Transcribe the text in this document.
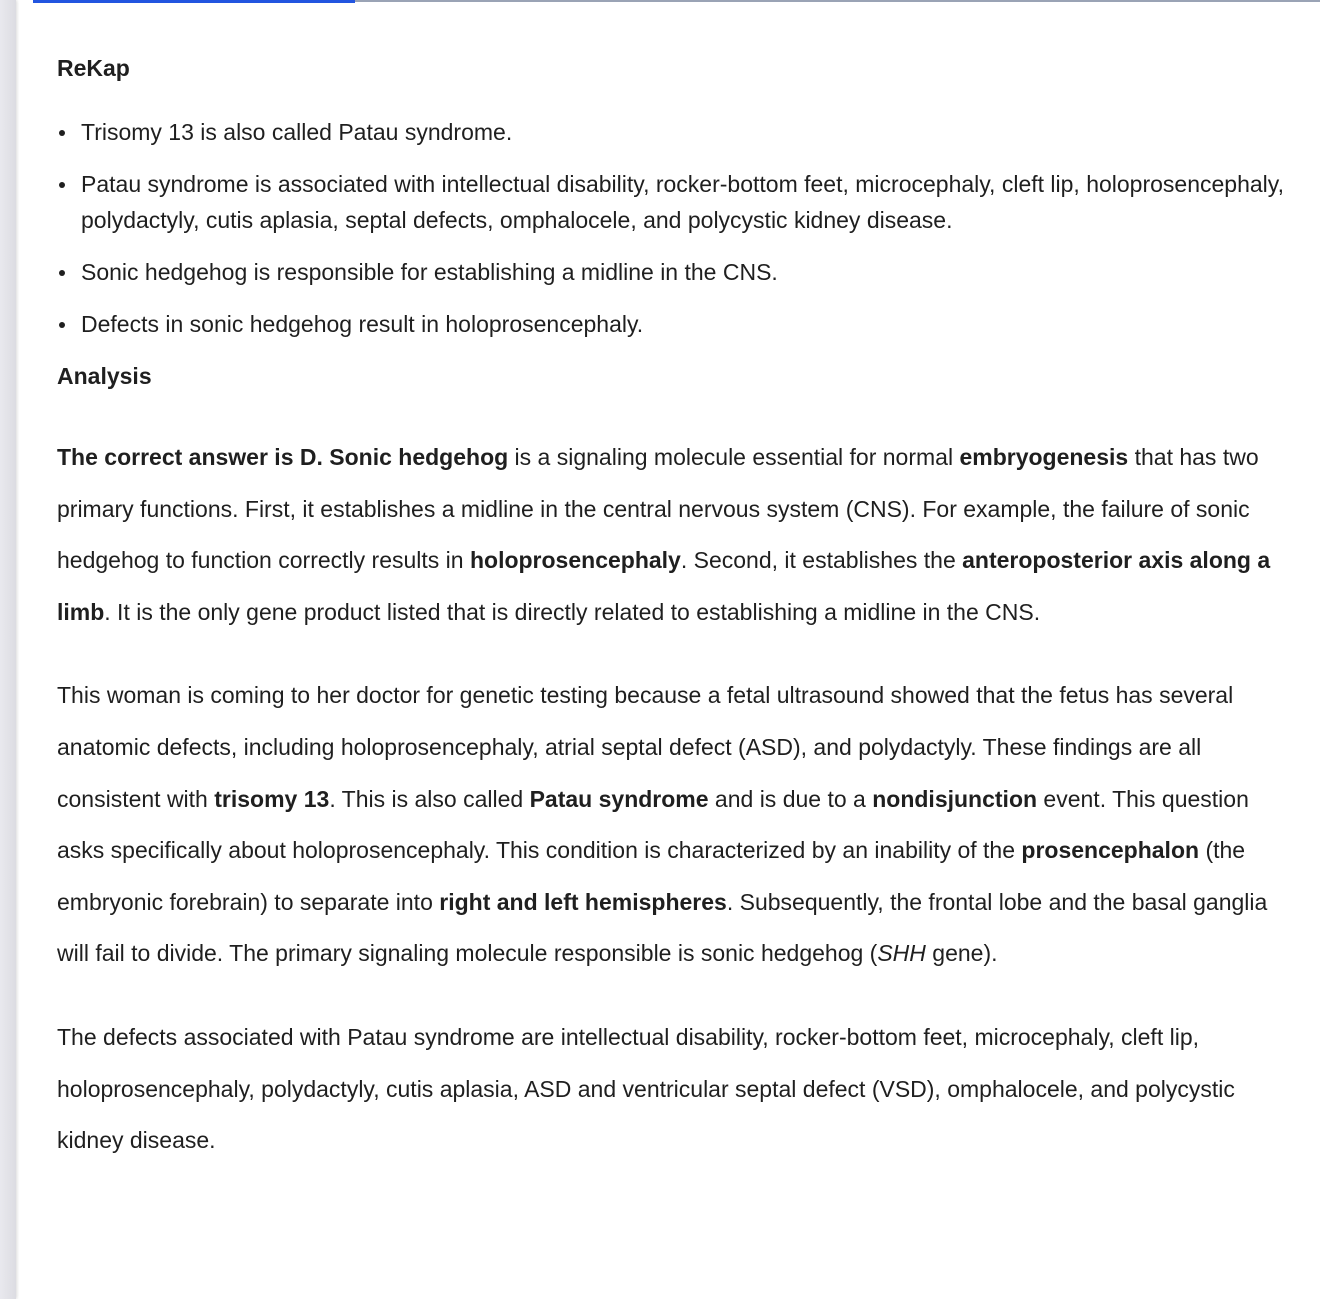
ReKap
Trisomy 13 is also called Patau syndrome.
Patau syndrome is associated with intellectual disability, rocker-bottom feet, microcephaly, cleft lip, holoprosencephaly, polydactyly, cutis aplasia, septal defects, omphalocele, and polycystic kidney disease.
Sonic hedgehog is responsible for establishing a midline in the CNS.
Defects in sonic hedgehog result in holoprosencephaly.
Analysis

The correct answer is D. Sonic hedgehog is a signaling molecule essential for normal embryogenesis that has two primary functions. First, it establishes a midline in the central nervous system (CNS). For example, the failure of sonic hedgehog to function correctly results in holoprosencephaly. Second, it establishes the anteroposterior axis along a limb. It is the only gene product listed that is directly related to establishing a midline in the CNS.

This woman is coming to her doctor for genetic testing because a fetal ultrasound showed that the fetus has several anatomic defects, including holoprosencephaly, atrial septal defect (ASD), and polydactyly. These findings are all consistent with trisomy 13. This is also called Patau syndrome and is due to a nondisjunction event. This question asks specifically about holoprosencephaly. This condition is characterized by an inability of the prosencephalon (the embryonic forebrain) to separate into right and left hemispheres. Subsequently, the frontal lobe and the basal ganglia will fail to divide. The primary signaling molecule responsible is sonic hedgehog (SHH gene).

The defects associated with Patau syndrome are intellectual disability, rocker-bottom feet, microcephaly, cleft lip, holoprosencephaly, polydactyly, cutis aplasia, ASD and ventricular septal defect (VSD), omphalocele, and polycystic kidney disease.
